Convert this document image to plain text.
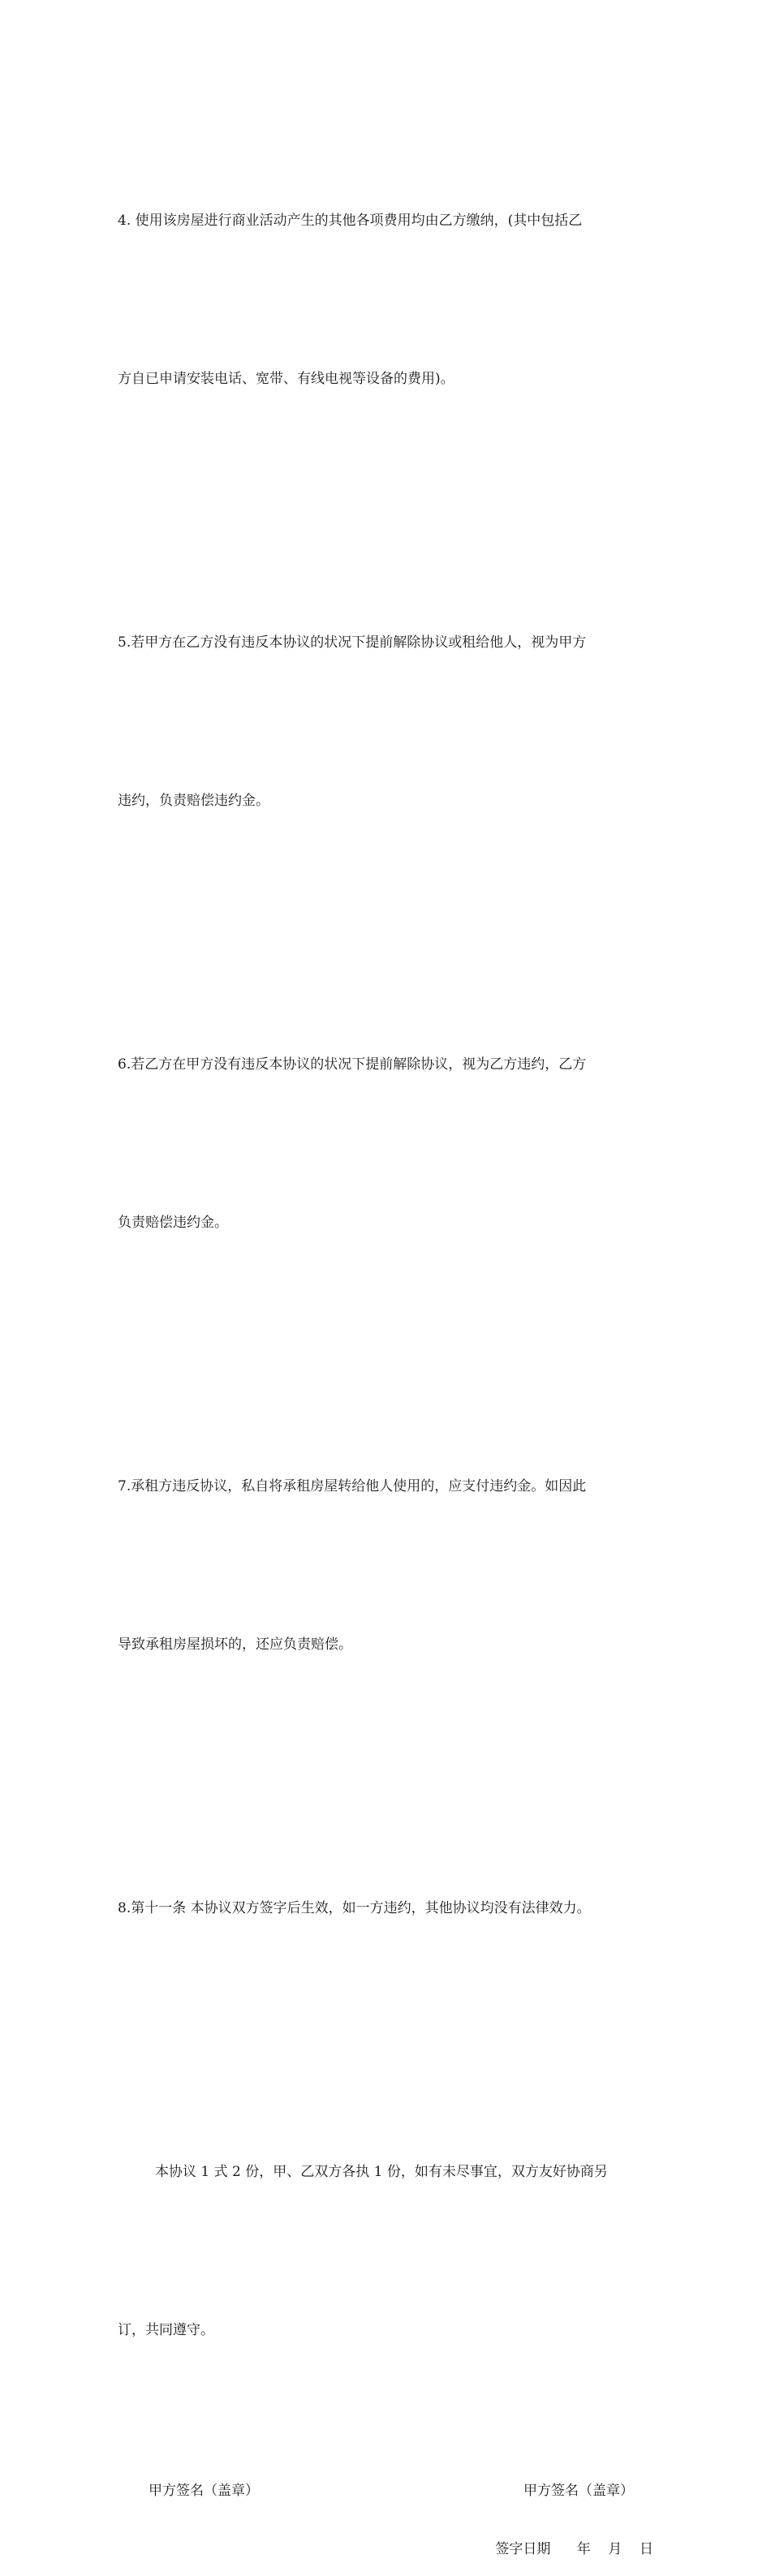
4. 使用该房屋进行商业活动产生的其他各项费用均由乙方缴纳，(其中包括乙

方自已申请安装电话、宽带、有线电视等设备的费用)。

5.若甲方在乙方没有违反本协议的状况下提前解除协议或租给他人，视为甲方

违约，负责赔偿违约金。

6.若乙方在甲方没有违反本协议的状况下提前解除协议，视为乙方违约，乙方

负责赔偿违约金。

7.承租方违反协议，私自将承租房屋转给他人使用的，应支付违约金。如因此

导致承租房屋损坏的，还应负责赔偿。

8.第十一条 本协议双方签字后生效，如一方违约，其他协议均没有法律效力。

本协议 1 式 2 份，甲、乙双方各执 1 份，如有未尽事宜，双方友好协商另

订，共同遵守。

甲方签名（盖章）	甲方签名（盖章）
签字日期      年    月    日
